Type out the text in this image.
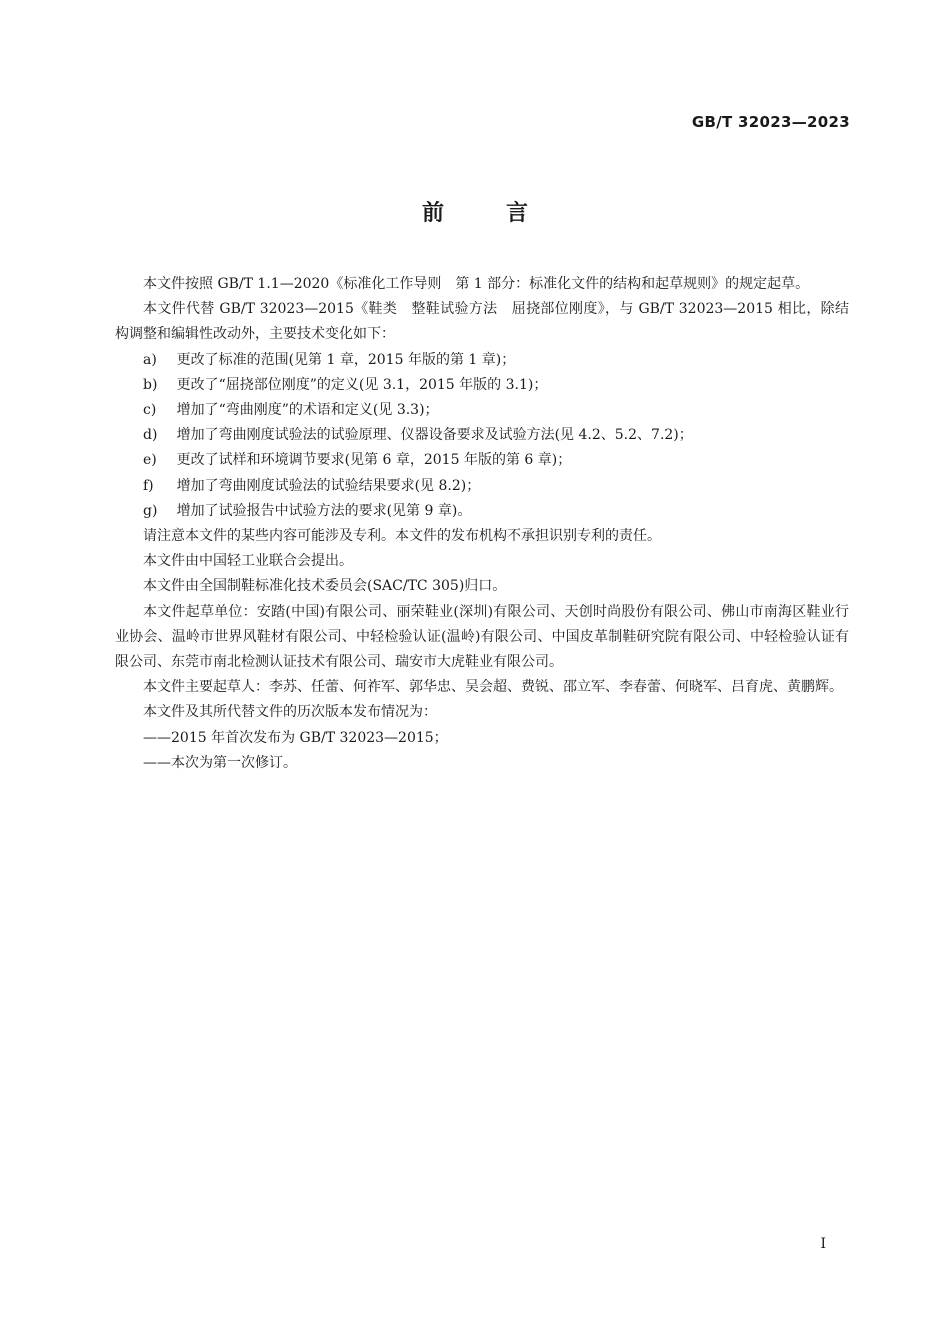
GB/T 32023—2023
前	言

本文件按照 GB/T 1.1—2020《标准化工作导则　第 1 部分：标准化文件的结构和起草规则》的规定起草。

本文件代替 GB/T 32023—2015《鞋类　整鞋试验方法　屈挠部位刚度》，与 GB/T 32023—2015 相比，除结构调整和编辑性改动外，主要技术变化如下：

a)	更改了标准的范围(见第 1 章，2015 年版的第 1 章)；
b)	更改了“屈挠部位刚度”的定义(见 3.1，2015 年版的 3.1)；
c)	增加了“弯曲刚度”的术语和定义(见 3.3)；
d)	增加了弯曲刚度试验法的试验原理、仪器设备要求及试验方法(见 4.2、5.2、7.2)；
e)	更改了试样和环境调节要求(见第 6 章，2015 年版的第 6 章)；
f)	增加了弯曲刚度试验法的试验结果要求(见 8.2)；
g)	增加了试验报告中试验方法的要求(见第 9 章)。

请注意本文件的某些内容可能涉及专利。本文件的发布机构不承担识别专利的责任。

本文件由中国轻工业联合会提出。

本文件由全国制鞋标准化技术委员会(SAC/TC 305)归口。

本文件起草单位：安踏(中国)有限公司、丽荣鞋业(深圳)有限公司、天创时尚股份有限公司、佛山市南海区鞋业行业协会、温岭市世界风鞋材有限公司、中轻检验认证(温岭)有限公司、中国皮革制鞋研究院有限公司、中轻检验认证有限公司、东莞市南北检测认证技术有限公司、瑞安市大虎鞋业有限公司。

本文件主要起草人：李苏、任蕾、何祚军、郭华忠、吴会超、费锐、邵立军、李春蕾、何晓军、吕育虎、黄鹏辉。

本文件及其所代替文件的历次版本发布情况为：

——2015 年首次发布为 GB/T 32023—2015；

——本次为第一次修订。

I
